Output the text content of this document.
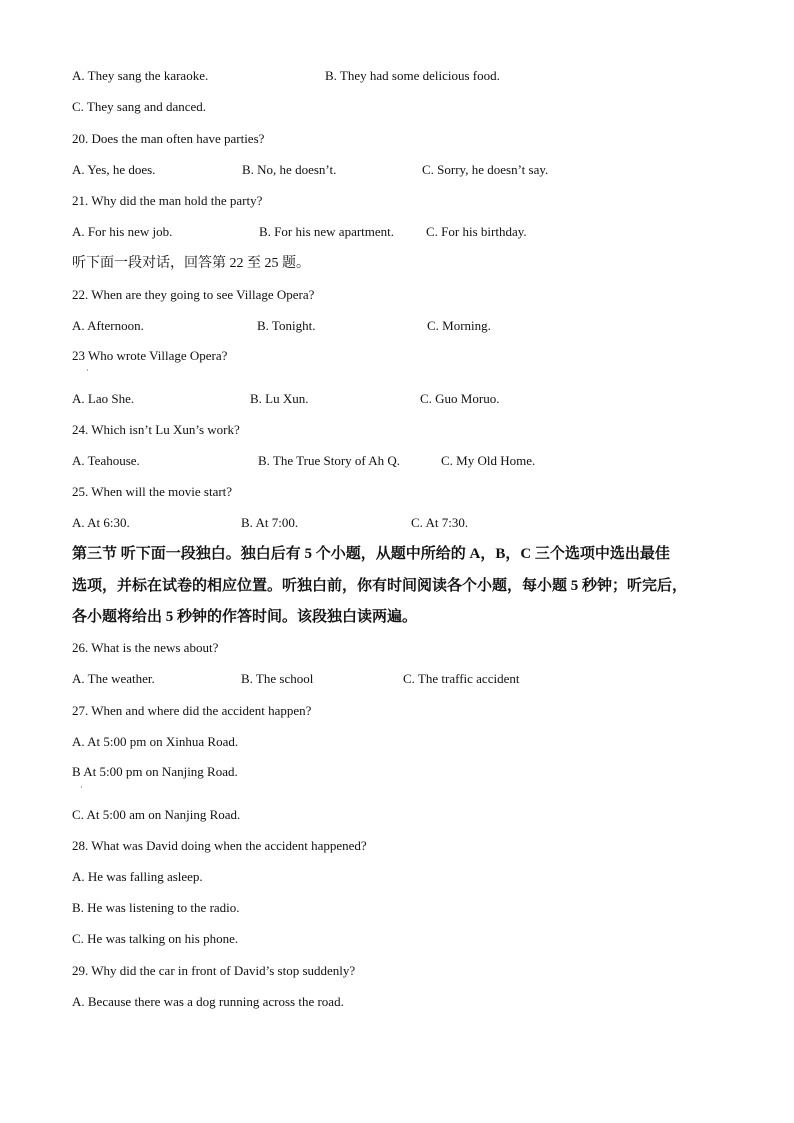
A. They sang the karaoke.	B. They had some delicious food.
C. They sang and danced.
20. Does the man often have parties?
A. Yes, he does.	B. No, he doesn’t.	C. Sorry, he doesn’t say.
21. Why did the man hold the party?
A. For his new job.	B. For his new apartment. C. For his birthday.
听下面一段对话，回答第 22 至 25 题。
22. When are they going to see Village Opera?
A. Afternoon.	B. Tonight.	C. Morning.
23 Who wrote Village Opera?
·
A. Lao She.	B. Lu Xun.	C. Guo Moruo.
24. Which isn’t Lu Xun’s work?
A. Teahouse.	B. The True Story of Ah Q.	C. My Old Home.
25. When will the movie start?
A. At 6:30.	B. At 7:00.	C. At 7:30.
第三节 听下面一段独白。独白后有 5 个小题，从题中所给的 A，B，C 三个选项中选出最佳
选项，并标在试卷的相应位置。听独白前，你有时间阅读各个小题，每小题 5 秒钟；听完后，
各小题将给出 5 秒钟的作答时间。该段独白读两遍。
26. What is the news about?
A. The weather.	B. The school	C. The traffic accident
27. When and where did the accident happen?
A. At 5:00 pm on Xinhua Road.
B At 5:00 pm on Nanjing Road.
·
C. At 5:00 am on Nanjing Road.
28. What was David doing when the accident happened?
A. He was falling asleep.
B. He was listening to the radio.
C. He was talking on his phone.
29. Why did the car in front of David’s stop suddenly?
A. Because there was a dog running across the road.
